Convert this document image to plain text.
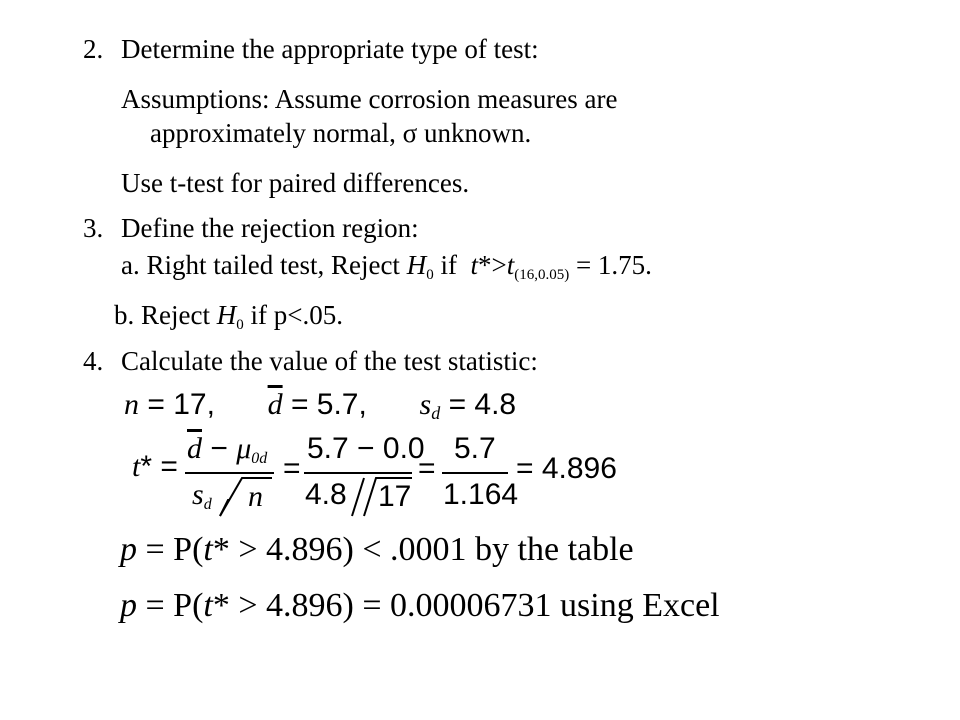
2. Determine the appropriate type of test:
Assumptions: Assume corrosion measures are
approximately normal, σ unknown.
Use t-test for paired differences.
3. Define the rejection region:
a. Right tailed test, Reject $H_0$ if $t*>t_{(16,0.05)} = 1.75$.
b. Reject $H_0$ if p<.05.
4. Calculate the value of the test statistic:
n = 17, $\overline{d} = 5.7$, $s_d = 4.8$
t* =
$\overline{d} - \mu_{0d}$
$s_d$ n
=
5.7 − 0.0
4.8 17
=
5.7
1.164
= 4.896
p = P(t* > 4.896) < .0001 by the table
p = P(t* > 4.896) = 0.00006731 using Excel
